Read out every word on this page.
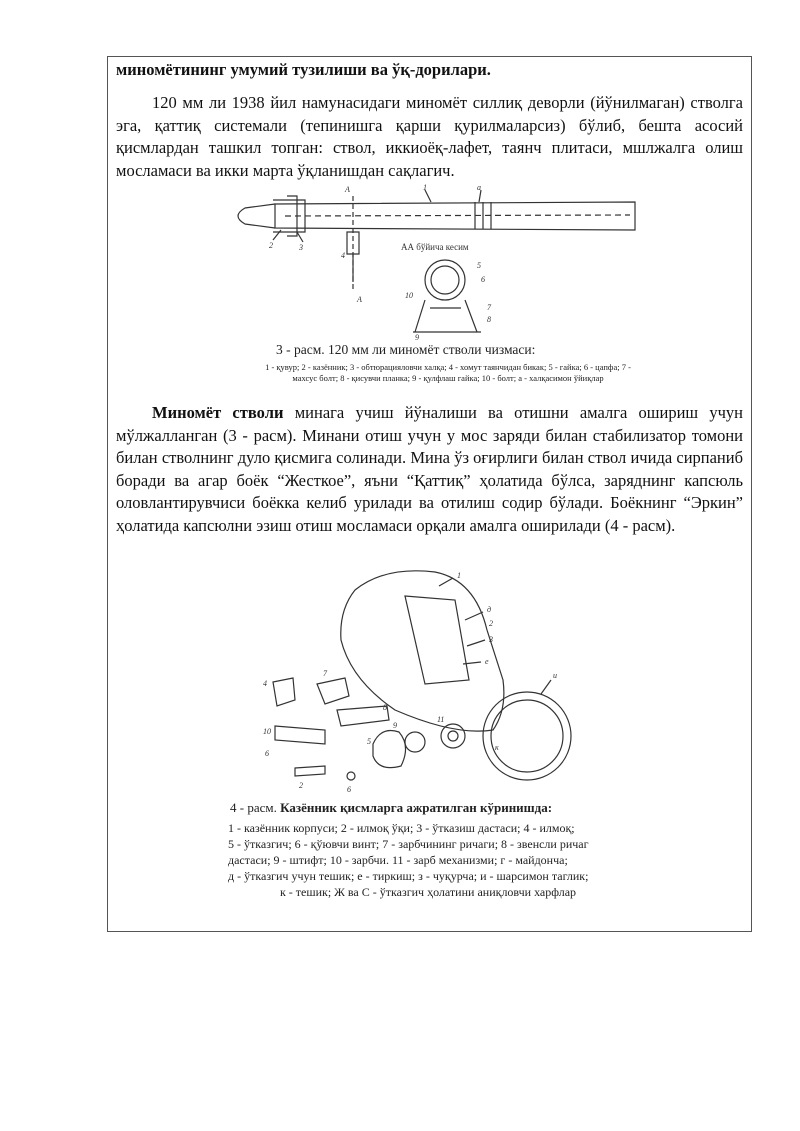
миномётининг умумий тузилиши ва ўқ-дорилари.

120 мм ли 1938 йил намунасидаги миномёт силлиқ деворли (йўнилмаган) стволга эга, қаттиқ системали (тепинишга қарши қурилмаларсиз) бўлиб, бешта асосий қисмлардан ташкил топган: ствол, иккиоёқ-лафет, таянч плитаси, мшлжалга олиш мосламаси ва икки марта ўқланишдан сақлагич.

1
2	3
4
5
6
7
8
9
10
а
А
А
АА бўйича кесим
3 - расм. 120 мм ли миномёт стволи чизмаси:
1 - қувур; 2 - казённик; 3 - обтюрацияловчи халқа; 4 - хомут таянчидан бикак; 5 - гайка; 6 - цапфа; 7 - махсус болт; 8 - қисувчи планка; 9 - қулфлаш гайка; 10 - болт; а - халқасимон ўйиқлар

Миномёт стволи минага учиш йўналиши ва отишни амалга ошириш учун мўлжалланган (3 - расм). Минани отиш учун у мос заряди билан стабилизатор томони билан стволнинг дуло қисмига солинади. Мина ўз оғирлиги билан ствол ичида сирпаниб боради ва агар боёк “Жесткое”, яъни “Қаттиқ” ҳолатида бўлса, заряднинг капсюль оловлантирувчиси боёкка келиб урилади ва отилиш содир бўлади. Боёкнинг “Эркин” ҳолатида капсюлни эзиш отиш мосламаси орқали амалга оширилади (4 - расм).

1
д
2
3
е
и
к
7
4
6
8
9
5
11
10
2	6
4 - расм. Казённик қисмларга ажратилган кўринишда:
1 - казённик корпуси; 2 - илмоқ ўқи; 3 - ўтказиш дастаси; 4 - илмоқ;
5 - ўтказгич; 6 - қўювчи винт; 7 - зарбчининг ричаги; 8 - звенсли ричаг
дастаси; 9 - штифт; 10 - зарбчи. 11 - зарб механизми; г - майдонча;
д - ўтказгич учун тешик; е - тиркиш; з - чуқурча; и - шарсимон таглик;
к - тешик; Ж ва С - ўтказгич ҳолатини аниқловчи харфлар
